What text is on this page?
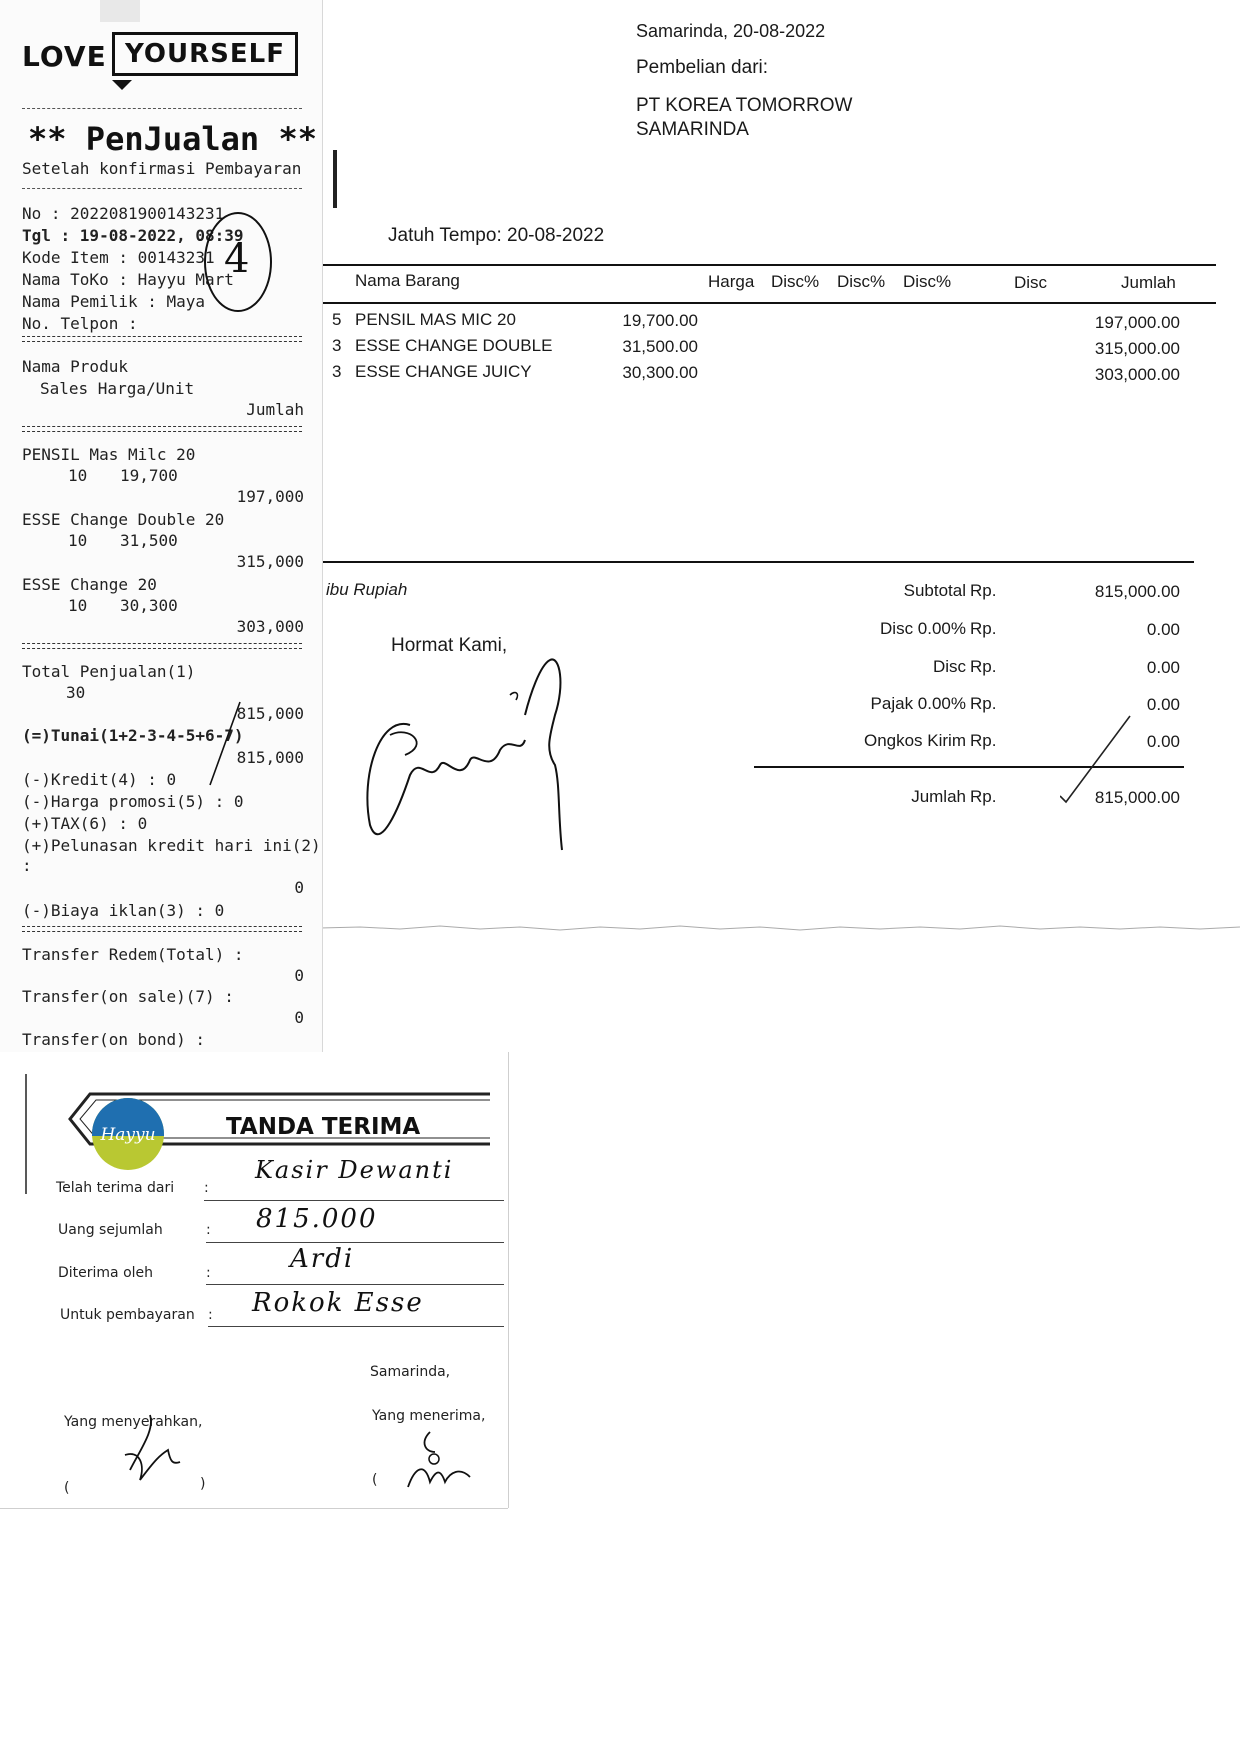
Samarinda, 20-08-2022
Pembelian dari:
PT KOREA TOMORROW
SAMARINDA
Jatuh Tempo: 20-08-2022
Nama Barang	Harga Disc% Disc% Disc%	Disc	Jumlah
5 PENSIL MAS MIC 20	19,700.00	197,000.00
3 ESSE CHANGE DOUBLE	31,500.00	315,000.00
3 ESSE CHANGE JUICY	30,300.00	303,000.00
ibu Rupiah
Hormat Kami,
Subtotal Rp.	815,000.00
Disc 0.00% Rp.	0.00
Disc Rp.	0.00
Pajak 0.00% Rp.	0.00
Ongkos Kirim Rp.	0.00
Jumlah Rp.	815,000.00
LOVE YOURSELF
** PenJualan **
Setelah konfirmasi Pembayaran
No : 2022081900143231
Tgl : 19-08-2022, 08:39
Kode Item : 00143231
Nama ToKo : Hayyu Mart
Nama Pemilik : Maya
No. Telpon :
4
Nama Produk
Sales Harga/Unit
Jumlah
PENSIL Mas Milc 20
10 19,700
197,000
ESSE Change Double 20
10 31,500
315,000
ESSE Change 20
10 30,300
303,000
Total Penjualan(1)
30
815,000
(=)Tunai(1+2-3-4-5+6-7)
815,000
(-)Kredit(4) : 0
(-)Harga promosi(5) : 0
(+)TAX(6) : 0
(+)Pelunasan kredit hari ini(2)
:
0
(-)Biaya iklan(3) : 0
Transfer Redem(Total) :
0
Transfer(on sale)(7) :
0
Transfer(on bond) :
Hayyu	TANDA TERIMA
Telah terima dari :
Kasir Dewanti
Uang sejumlah	: 815.000
Diterima oleh	:	Ardi
Untuk pembayaran : Rokok Esse
Samarinda,
Yang menyerahkan,	Yang menerima,
(	)	(
